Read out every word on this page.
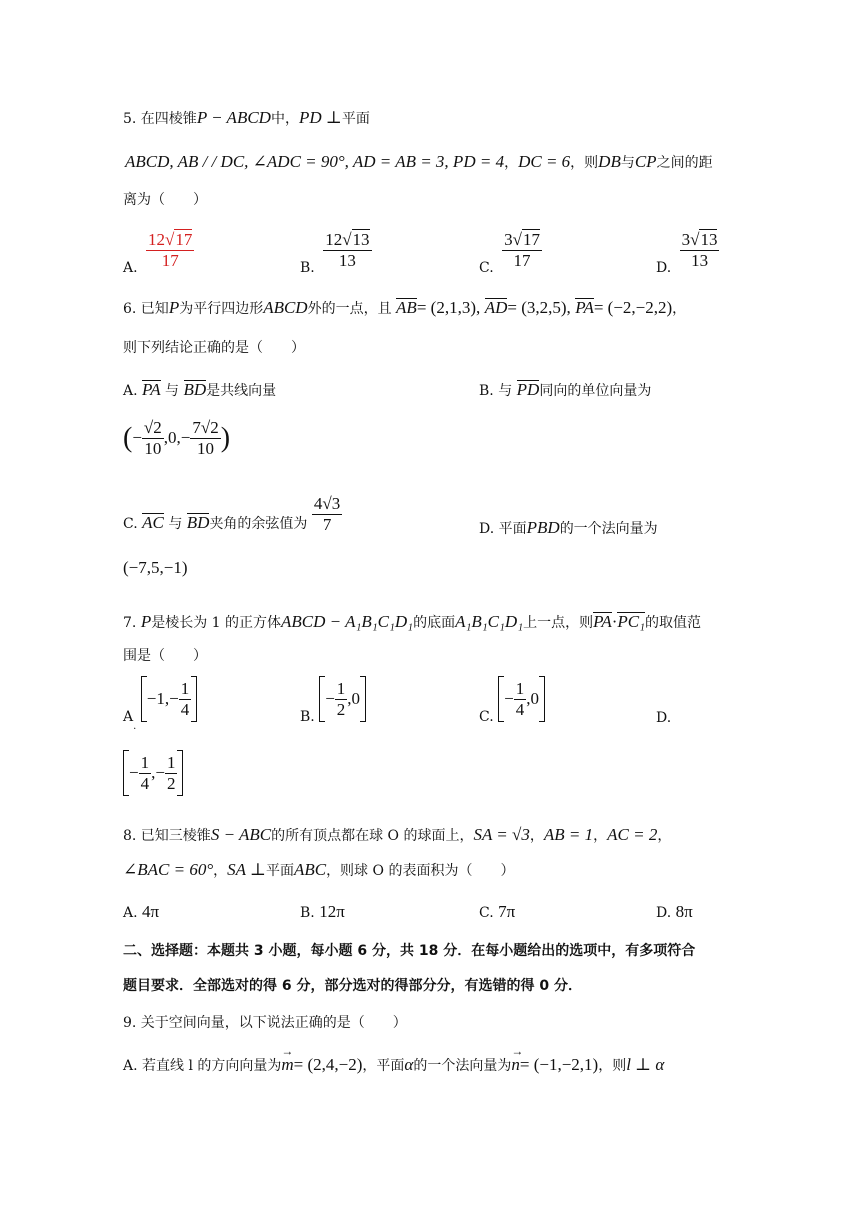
5. 在四棱锥P − ABCD中，PD ⊥平面
ABCD, AB / / DC, ∠ADC = 90°, AD = AB = 3, PD = 4，DC = 6，则DB与CP之间的距
离为（　　）
A. $\frac{12√17}{17}$	B. $\frac{12√13}{13}$	C. $\frac{3√17}{17}$	D. $\frac{3√13}{13}$
6. 已知P为平行四边形ABCD外的一点，且 AB= (2,1,3), AD= (3,2,5), PA= (−2,−2,2)，
则下列结论正确的是（　　）
A. PA 与 BD是共线向量	B. 与 PD同向的单位向量为
(− $\frac{√2}{10} ,0,- \frac{7√2}{10}$ )
C. AC 与 BD夹角的余弦值为 $\frac{4√3}{7}$	D. 平面PBD的一个法向量为
(−7,5,−1)
7. P是棱长为 1 的正方体ABCD − A₁B₁C₁D₁的底面A₁B₁C₁D₁上一点，则PA·PC₁的取值范
围是（　　）
$A_. -1,- \frac{1}{4}$	B. − $\frac{1}{2} ,0$
C. − $\frac{1}{4} ,0$
D.
− $\frac{1}{4}$ ,− $\frac{1}{2}$
8. 已知三棱锥S − ABC的所有顶点都在球 O 的球面上，SA = √3，AB = 1，AC = 2，
∠BAC = 60°，SA ⊥平面ABC，则球 O 的表面积为（　　）
A. 4π	B. 12π	C. 7π	D. 8π
二、选择题：本题共 3 小题，每小题 6 分，共 18 分．在每小题给出的选项中，有多项符合
题目要求．全部选对的得 6 分，部分选对的得部分分，有选错的得 0 分．
9. 关于空间向量，以下说法正确的是（　　）
A. 若直线 l 的方向向量为
→
m= (2,4,−2)，平面α的一个法向量为
→
n= (−1,−2,1)，则l ⊥ α
